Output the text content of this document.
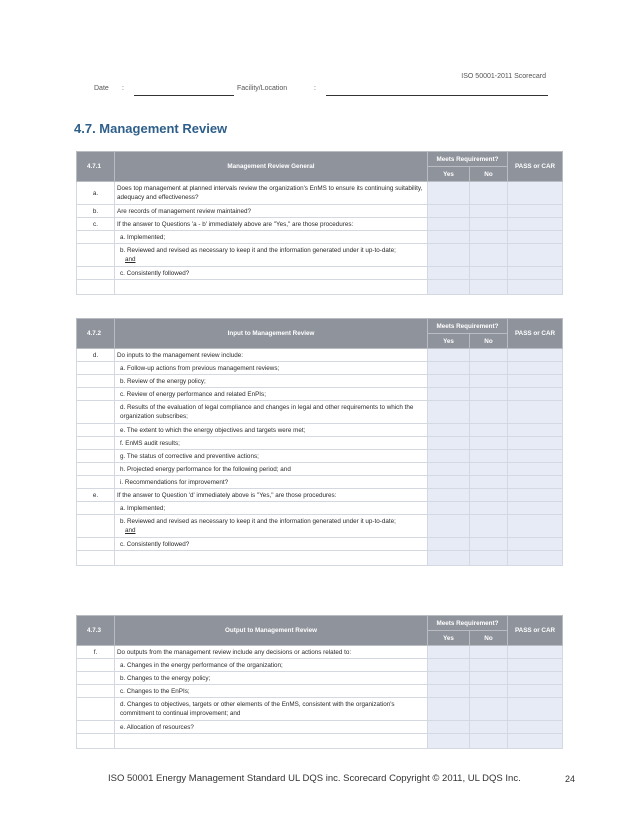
ISO 50001-2011 Scorecard
Date :	Facility/Location	:
4.7. Management Review
4.7.1	Management Review General	Meets Requirement?		PASS or CAR
		Yes	No	
a.	Does top management at planned intervals review the organization's EnMS to ensure its continuing suitability, adequacy and effectiveness?			
b.	Are records of management review maintained?			
c.	If the answer to Questions 'a - b' immediately above are "Yes," are those procedures:			
	a. Implemented;			
	b. Reviewed and revised as necessary to keep it and the information generated under it up-to-date;
and			
	c. Consistently followed?			

4.7.2	Input to Management Review	Meets Requirement?		PASS or CAR
		Yes	No	
d.	Do inputs to the management review include:			
	a. Follow-up actions from previous management reviews;			
	b. Review of the energy policy;			
	c. Review of energy performance and related EnPIs;			
	d. Results of the evaluation of legal compliance and changes in legal and other requirements to which the organization subscribes;			
	e. The extent to which the energy objectives and targets were met;			
	f. EnMS audit results;			
	g. The status of corrective and preventive actions;			
	h. Projected energy performance for the following period; and			
	i. Recommendations for improvement?			
e.	If the answer to Question 'd' immediately above is "Yes," are those procedures:			
	a. Implemented;			
	b. Reviewed and revised as necessary to keep it and the information generated under it up-to-date;
and			
	c. Consistently followed?			

4.7.3	Output to Management Review	Meets Requirement?		PASS or CAR
		Yes	No	
f.	Do outputs from the management review include any decisions or actions related to:			
	a. Changes in the energy performance of the organization;			
	b. Changes to the energy policy;			
	c. Changes to the EnPIs;			
	d. Changes to objectives, targets or other elements of the EnMS, consistent with the organization's commitment to continual improvement; and			
	e. Allocation of resources?			

ISO 50001 Energy Management Standard UL DQS inc. Scorecard Copyright © 2011, UL DQS Inc.	24
